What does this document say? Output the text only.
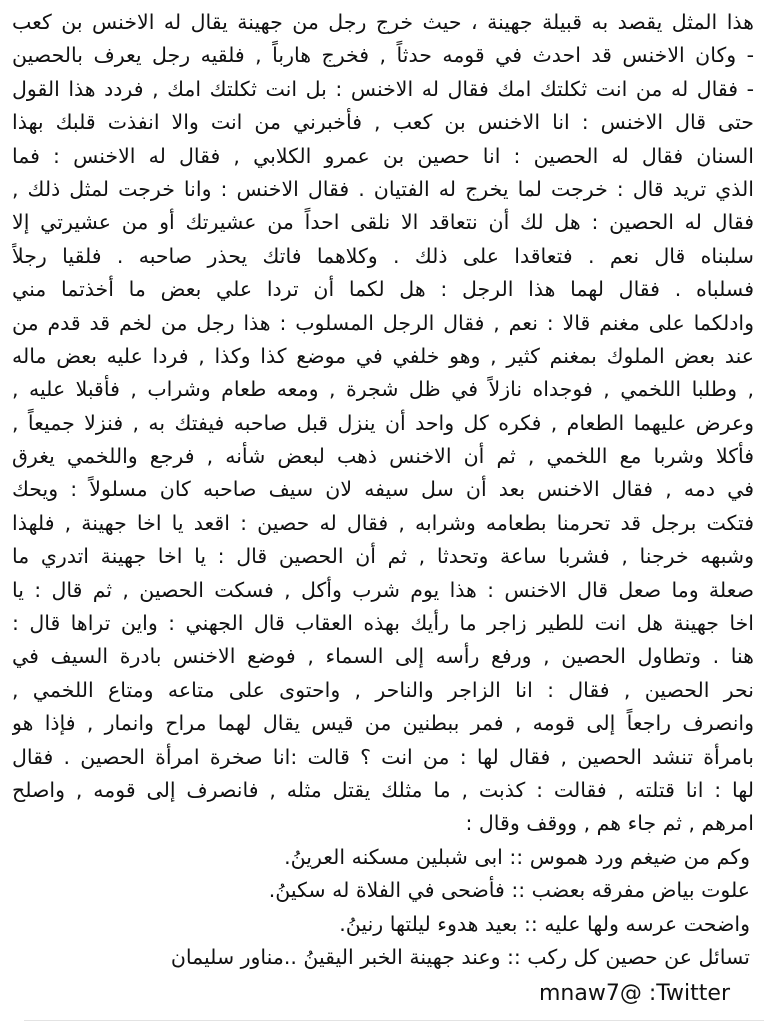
هذا المثل يقصد به قبيلة جهينة ، حيث خرج رجل من جهينة يقال له الاخنس بن كعب
- وكان الاخنس قد احدث في قومه حدثاً , فخرج هارباً , فلقيه رجل يعرف بالحصين
- فقال له من انت ثكلتك امك فقال له الاخنس : بل انت ثكلتك امك , فردد هذا القول
حتى قال الاخنس : انا الاخنس بن كعب , فأخبرني من انت والا انفذت قلبك بهذا
السنان فقال له الحصين : انا حصين بن عمرو الكلابي , فقال له الاخنس : فما
الذي تريد قال : خرجت لما يخرج له الفتيان . فقال الاخنس : وانا خرجت لمثل ذلك ,
فقال له الحصين : هل لك أن نتعاقد الا نلقى احداً من عشيرتك أو من عشيرتي إلا
سلبناه قال نعم . فتعاقدا على ذلك . وكلاهما فاتك يحذر صاحبه . فلقيا رجلاً
فسلباه . فقال لهما هذا الرجل : هل لكما أن تردا علي بعض ما أخذتما مني
وادلكما على مغنم قالا : نعم , فقال الرجل المسلوب : هذا رجل من لخم قد قدم من
عند بعض الملوك بمغنم كثير , وهو خلفي في موضع كذا وكذا , فردا عليه بعض ماله
, وطلبا اللخمي , فوجداه نازلاً في ظل شجرة , ومعه طعام وشراب , فأقبلا عليه ,
وعرض عليهما الطعام , فكره كل واحد أن ينزل قبل صاحبه فيفتك به , فنزلا جميعاً ,
فأكلا وشربا مع اللخمي , ثم أن الاخنس ذهب لبعض شأنه , فرجع واللخمي يغرق
في دمه , فقال الاخنس بعد أن سل سيفه لان سيف صاحبه كان مسلولاً : ويحك
فتكت برجل قد تحرمنا بطعامه وشرابه , فقال له حصين : اقعد يا اخا جهينة , فلهذا
وشبهه خرجنا , فشربا ساعة وتحدثا , ثم أن الحصين قال : يا اخا جهينة اتدري ما
صعلة وما صعل قال الاخنس : هذا يوم شرب وأكل , فسكت الحصين , ثم قال : يا
اخا جهينة هل انت للطير زاجر ما رأيك بهذه العقاب قال الجهني : واين تراها قال :
هنا . وتطاول الحصين , ورفع رأسه إلى السماء , فوضع الاخنس بادرة السيف في
نحر الحصين , فقال : انا الزاجر والناحر , واحتوى على متاعه ومتاع اللخمي ,
وانصرف راجعاً إلى قومه , فمر ببطنين من قيس يقال لهما مراح وانمار , فإذا هو
بامرأة تنشد الحصين , فقال لها : من انت ؟ قالت :انا صخرة امرأة الحصين . فقال
لها : انا قتلته , فقالت : كذبت , ما مثلك يقتل مثله , فانصرف إلى قومه , واصلح
امرهم , ثم جاء هم , ووقف وقال :
وكم من ضيغم ورد هموس :: ابى شبلين مسكنه العرينُ.
علوت بياض مفرقه بعضب :: فأضحى في الفلاة له سكينُ.
واضحت عرسه ولها عليه :: بعيد هدوء ليلتها رنينُ.
تسائل عن حصين كل ركب :: وعند جهينة الخبر اليقينُ ..مناور سليمان
mnaw7@ :Twitter
